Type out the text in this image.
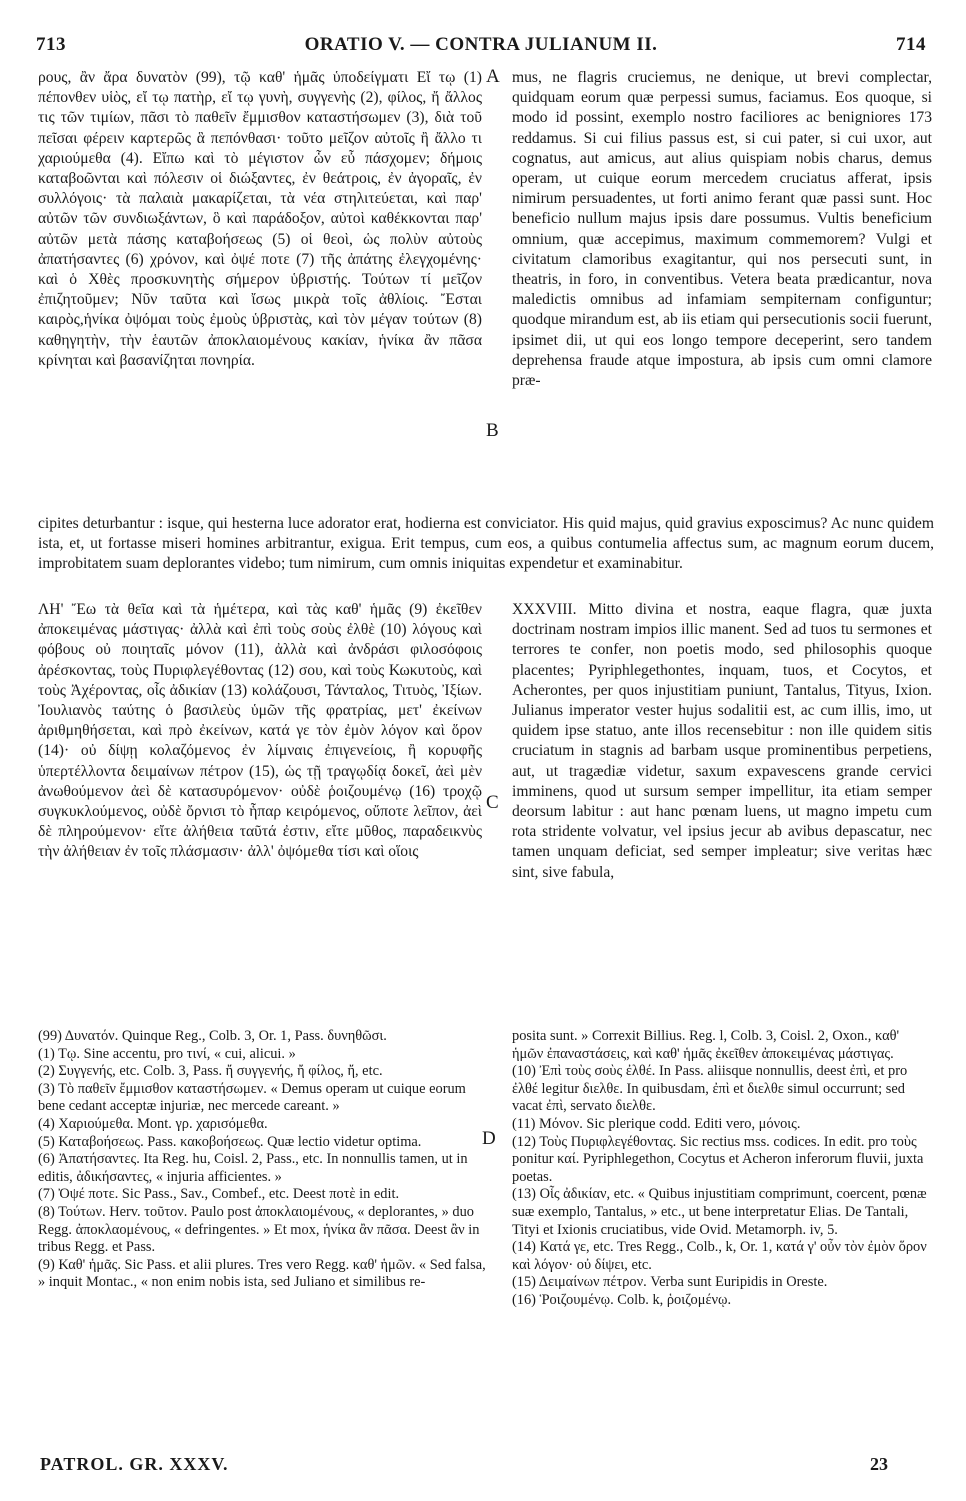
713	ORATIO V. — CONTRA JULIANUM II.	714

ρους, ἂν ἄρα δυνατὸν (99), τῷ καθ' ἡμᾶς ὑποδείγματι Εἴ τῳ (1) πέπονθεν υἱὸς, εἴ τῳ πατὴρ, εἴ τῳ γυνὴ, συγγενὴς (2), φίλος, ἤ ἄλλος τις τῶν τιμίων, πᾶσι τὸ παθεῖν ἔμμισθον καταστήσωμεν (3), διὰ τοῦ πεῖσαι φέρειν καρτερῶς ἃ πεπόνθασι· τοῦτο μεῖζον αὐτοῖς ἢ ἄλλο τι χαριούμεθα (4). Εἴπω καὶ τὸ μέγιστον ὧν εὖ πάσχομεν; δήμοις καταβοῶνται καὶ πόλεσιν οἱ διώξαντες, ἐν θεάτροις, ἐν ἀγοραῖς, ἐν συλλόγοις· τὰ παλαιὰ μακαρίζεται, τὰ νέα στηλιτεύεται, καὶ παρ' αὐτῶν τῶν συνδιωξάντων, ὃ καὶ παράδοξον, αὐτοὶ καθέκκονται παρ' αὐτῶν μετὰ πάσης καταβοήσεως (5) οἱ θεοὶ, ὡς πολὺν αὐτοὺς ἀπατήσαντες (6) χρόνον, καὶ ὀψέ ποτε (7) τῆς ἀπάτης ἐλεγχομένης· καὶ ὁ Χθὲς προσκυνητὴς σήμερον ὑβριστής. Τούτων τί μεῖζον ἐπιζητοῦμεν; Νῦν ταῦτα καὶ ἴσως μικρὰ τοῖς ἀθλίοις. Ἔσται καιρὸς,ἡνίκα ὀψόμαι τοὺς ἐμοὺς ὑβριστὰς, καὶ τὸν μέγαν τούτων (8) καθηγητὴν, τὴν ἑαυτῶν ἀποκλαιομένους κακίαν, ἡνίκα ἂν πᾶσα κρίνηται καὶ βασανίζηται πονηρία.

mus, ne flagris cruciemus, ne denique, ut brevi complectar, quidquam eorum quæ perpessi sumus, faciamus. Eos quoque, si modo id possint, exemplo nostro faciliores ac benigniores 173 reddamus. Si cui filius passus est, si cui pater, si cui uxor, aut cognatus, aut amicus, aut alius quispiam nobis charus, demus operam, ut cuique eorum mercedem cruciatus afferat, ipsis nimirum persuadentes, ut forti animo ferant quæ passi sunt. Hoc beneficio nullum majus ipsis dare possumus. Vultis beneficium omnium, quæ accepimus, maximum commemorem? Vulgi et civitatum clamoribus exagitantur, qui nos persecuti sunt, in theatris, in foro, in conventibus. Vetera beata prædicantur, nova maledictis omnibus ad infamiam sempiternam configuntur; quodque mirandum est, ab iis etiam qui persecutionis socii fuerunt, ipsimet dii, ut qui eos longo tempore deceperint, sero tandem deprehensa fraude atque impostura, ab ipsis cum omni clamore præ-

A
B

cipites deturbantur : isque, qui hesterna luce adorator erat, hodierna est conviciator. His quid majus, quid gravius exposcimus? Ac nunc quidem ista, et, ut fortasse miseri homines arbitrantur, exigua. Erit tempus, cum eos, a quibus contumelia affectus sum, ac magnum eorum ducem, improbitatem suam deplorantes videbo; tum nimirum, cum omnis iniquitas expendetur et examinabitur.

ΛΗ' Ἔω τὰ θεῖα καὶ τὰ ἡμέτερα, καὶ τὰς καθ' ἡμᾶς (9) ἐκεῖθεν ἀποκειμένας μάστιγας· ἀλλὰ καὶ ἐπὶ τοὺς σοὺς ἐλθὲ (10) λόγους καὶ φόβους οὐ ποιηταῖς μόνον (11), ἀλλὰ καὶ ἀνδράσι φιλοσόφοις ἀρέσκοντας, τοὺς Πυριφλεγέθοντας (12) σου, καὶ τοὺς Κωκυτοὺς, καὶ τοὺς Ἀχέροντας, οἷς ἀδικίαν (13) κολάζουσι, Τάνταλος, Τιτυὸς, Ἰξίων. Ἰουλιανὸς ταύτης ὁ βασιλεὺς ὑμῶν τῆς φρατρίας, μετ' ἐκείνων ἀριθμηθήσεται, καὶ πρὸ ἐκείνων, κατά γε τὸν ἐμὸν λόγον καὶ ὅρον (14)· οὐ δίψῃ κολαζόμενος ἐν λίμναις ἐπιγενείοις, ἢ κορυφῆς ὑπερτέλλοντα δειμαίνων πέτρον (15), ὡς τῇ τραγῳδίᾳ δοκεῖ, ἀεὶ μὲν ἀνωθούμενον ἀεὶ δὲ κατασυρόμενον· οὐδὲ ῥοιζουμένῳ (16) τροχῷ συγκυκλούμενος, οὐδὲ ὄρνισι τὸ ἧπαρ κειρόμενος, οὔποτε λεῖπον, ἀεὶ δὲ πληρούμενον· εἴτε ἀλήθεια ταῦτά ἐστιν, εἴτε μῦθος, παραδεικνὺς τὴν ἀλήθειαν ἐν τοῖς πλάσμασιν· ἀλλ' ὀψόμεθα τίσι καὶ οἵοις

XXXVIII. Mitto divina et nostra, eaque flagra, quæ juxta doctrinam nostram impios illic manent. Sed ad tuos tu sermones et terrores te confer, non poetis modo, sed philosophis quoque placentes; Pyriphlegethontes, inquam, tuos, et Cocytos, et Acherontes, per quos injustitiam puniunt, Tantalus, Tityus, Ixion. Julianus imperator vester hujus sodalitii est, ac cum illis, imo, ut quidem ipse statuo, ante illos recensebitur : non ille quidem sitis cruciatum in stagnis ad barbam usque prominentibus perpetiens, aut, ut tragædiæ videtur, saxum expavescens grande cervici imminens, quod ut sursum semper impellitur, ita etiam semper deorsum labitur : aut hanc pœnam luens, ut magno impetu cum rota stridente volvatur, vel ipsius jecur ab avibus depascatur, nec tamen unquam deficiat, sed semper impleatur; sive veritas hæc sint, sive fabula,

C
D

(99) Δυνατόν. Quinque Reg., Colb. 3, Or. 1, Pass. δυνηθῶσι.

(1) Τῳ. Sine accentu, pro τινί, « cui, alicui. »

(2) Συγγενής, etc. Colb. 3, Pass. ἤ συγγενής, ἤ φίλος, ἤ, etc.

(3) Τὸ παθεῖν ἔμμισθον καταστήσωμεν. « Demus operam ut cuique eorum bene cedant acceptæ injuriæ, nec mercede careant. »

(4) Χαριούμεθα. Mont. γρ. χαρισόμεθα.

(5) Καταβοήσεως. Pass. κακοβοήσεως. Quæ lectio videtur optima.

(6) Ἀπατήσαντες. Ita Reg. hu, Coisl. 2, Pass., etc. In nonnullis tamen, ut in editis, ἀδικήσαντες, « injuria afficientes. »

(7) Ὀψέ ποτε. Sic Pass., Sav., Combef., etc. Deest ποτὲ in edit.

(8) Τούτων. Herv. τοῦτον. Paulo post ἀποκλαιομένους, « deplorantes, » duo Regg. ἀποκλαομένους, « defringentes. » Et mox, ἡνίκα ἂν πᾶσα. Deest ἂν in tribus Regg. et Pass.

(9) Καθ' ἡμᾶς. Sic Pass. et alii plures. Tres vero Regg. καθ' ἡμῶν. « Sed falsa, » inquit Montac., « non enim nobis ista, sed Juliano et similibus re-

posita sunt. » Correxit Billius. Reg. l, Colb. 3, Coisl. 2, Oxon., καθ' ἡμῶν ἐπαναστάσεις, καὶ καθ' ἡμᾶς ἐκεῖθεν ἀποκειμένας μάστιγας.

(10) Ἐπὶ τοὺς σοὺς ἐλθέ. In Pass. aliisque nonnullis, deest ἐπὶ, et pro ἐλθέ legitur διελθε. In quibusdam, ἐπὶ et διελθε simul occurrunt; sed vacat ἐπὶ, servato διελθε.

(11) Μόνον. Sic plerique codd. Editi vero, μόνοις.

(12) Τοὺς Πυριφλεγέθοντας. Sic rectius mss. codices. In edit. pro τοὺς ponitur καί. Pyriphlegethon, Cocytus et Acheron inferorum fluvii, juxta poetas.

(13) Οἷς ἀδικίαν, etc. « Quibus injustitiam comprimunt, coercent, pœnæ suæ exemplo, Tantalus, » etc., ut bene interpretatur Elias. De Tantali, Tityi et Ixionis cruciatibus, vide Ovid. Metamorph. iv, 5.

(14) Κατά γε, etc. Tres Regg., Colb., k, Or. 1, κατά γ' οὖν τὸν ἐμὸν ὅρον καὶ λόγον· οὐ δίψει, etc.

(15) Δειμαίνων πέτρον. Verba sunt Euripidis in Oreste.

(16) Ῥοιζουμένῳ. Colb. k, ῥοιζομένῳ.

PATROL. GR. XXXV.	23
